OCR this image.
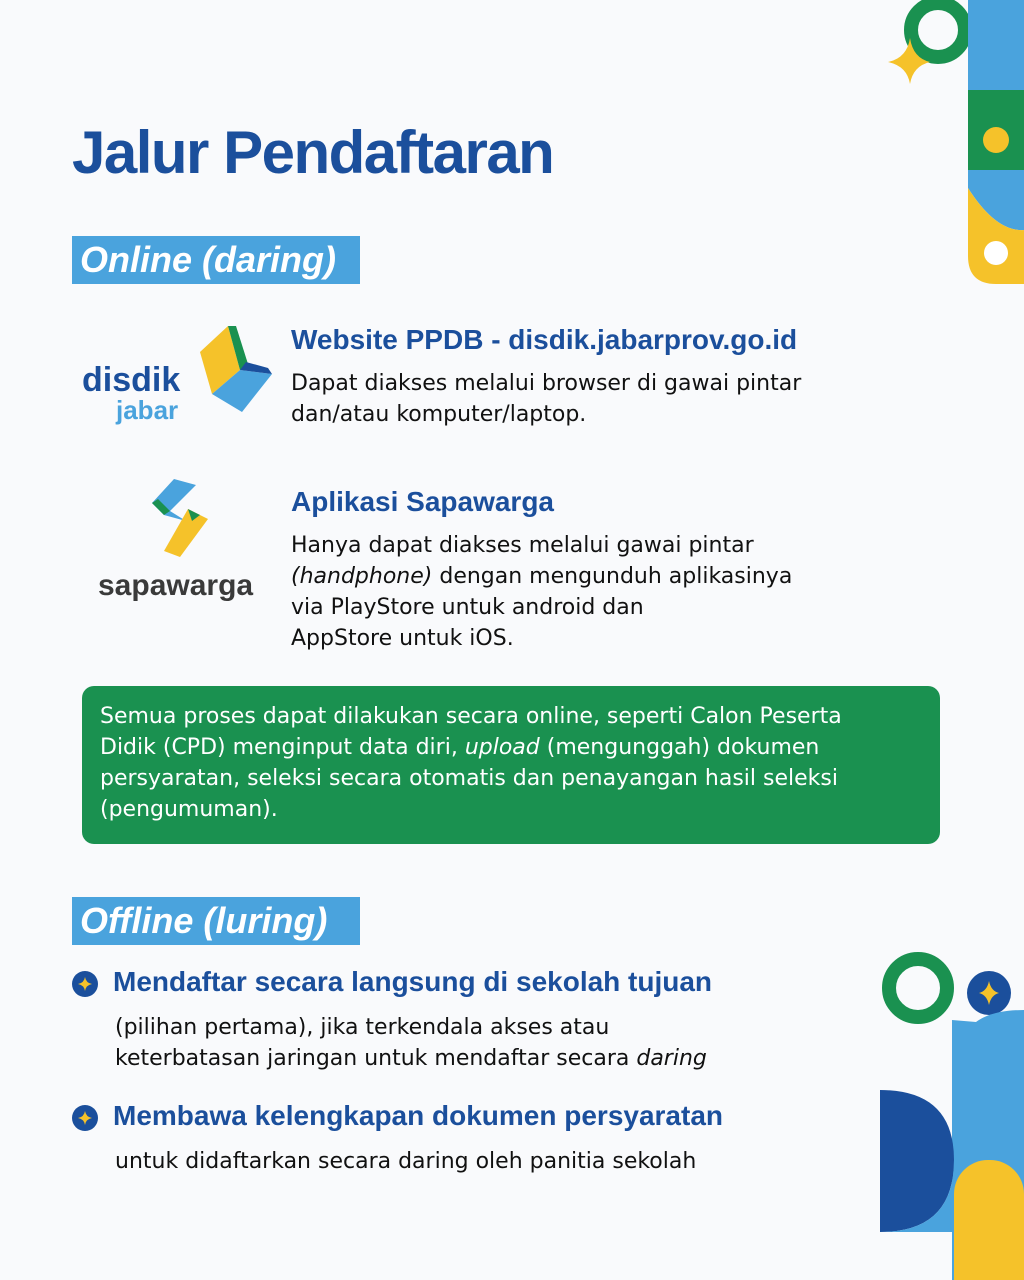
Jalur Pendaftaran
Online (daring)
disdik
jabar
Website PPDB - disdik.jabarprov.go.id
Dapat diakses melalui browser di gawai pintar
dan/atau komputer/laptop.
sapawarga
Aplikasi Sapawarga
Hanya dapat diakses melalui gawai pintar
(handphone) dengan mengunduh aplikasinya
via PlayStore untuk android dan
AppStore untuk iOS.
Semua proses dapat dilakukan secara online, seperti Calon Peserta
Didik (CPD) menginput data diri, upload (mengunggah) dokumen
persyaratan, seleksi secara otomatis dan penayangan hasil seleksi
(pengumuman).
Offline (luring)
Mendaftar secara langsung di sekolah tujuan
(pilihan pertama), jika terkendala akses atau
keterbatasan jaringan untuk mendaftar secara daring
Membawa kelengkapan dokumen persyaratan
untuk didaftarkan secara daring oleh panitia sekolah
